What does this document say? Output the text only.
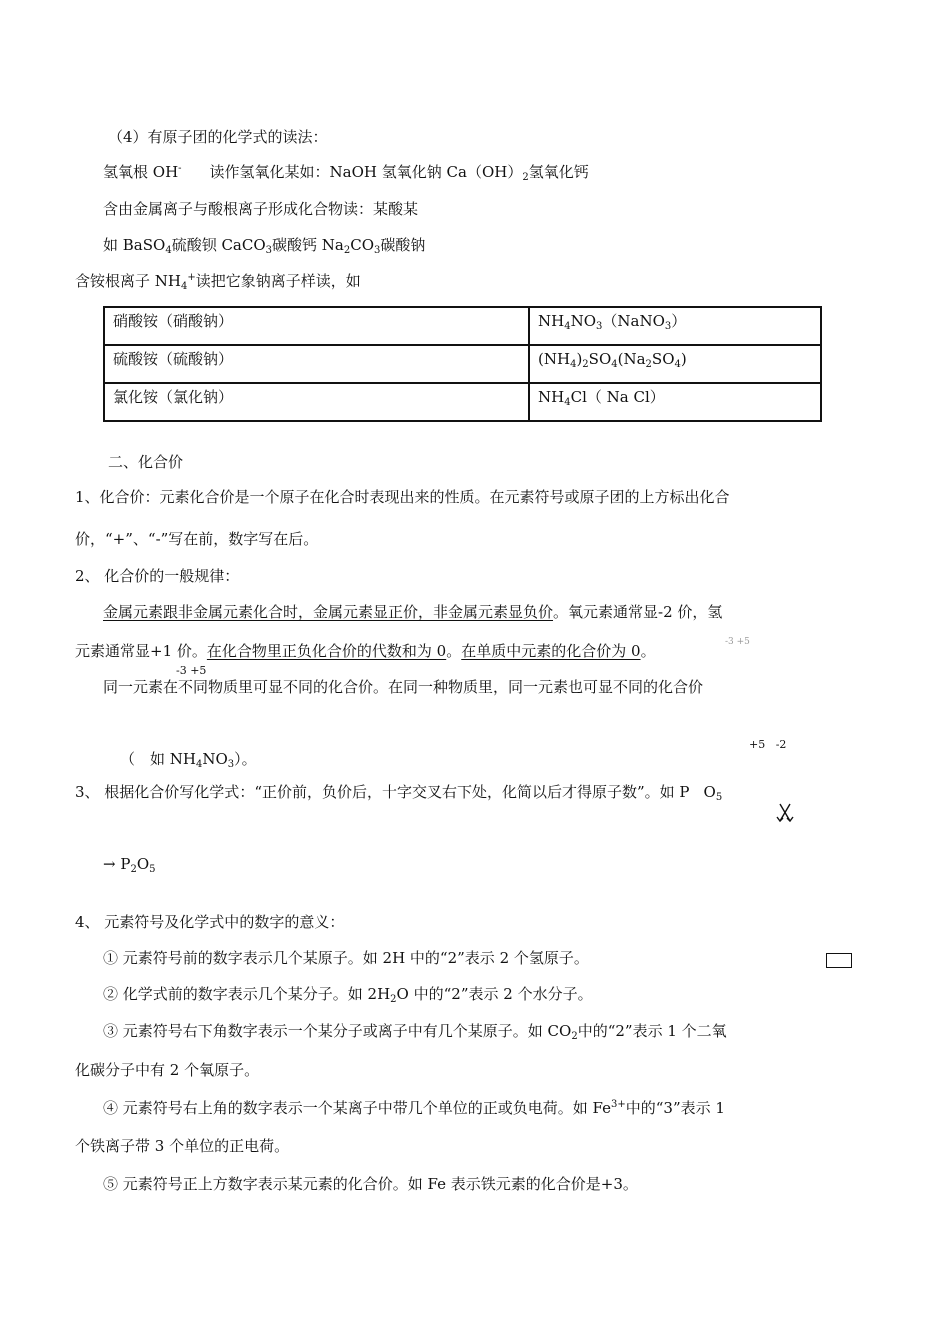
（4）有原子团的化学式的读法：
氢氧根 OH- 读作氢氧化某如：NaOH 氢氧化钠 $Ca(OH)_2$氢氧化钙
含由金属离子与酸根离子形成化合物读：某酸某
如 BaSO$_4$硫酸钡 CaCO$_3$碳酸钙 $Na_2CO_3$碳酸钠
含铵根离子 $NH_4^+$读把它象钠离子样读，如
硝酸铵（硝酸钠）	$NH_4NO_3(NaNO_3)$
硫酸铵（硫酸钠）	$(NH_4)_2SO_4(Na_2SO_4)$
氯化铵（氯化钠）	$NH_4Cl$（ Na Cl）
二、化合价
1、化合价：元素化合价是一个原子在化合时表现出来的性质。在元素符号或原子团的上方标出化合
价，“+”、“-”写在前，数字写在后。
2、 化合价的一般规律：
金属元素跟非金属元素化合时，金属元素显正价，非金属元素显负价。氧元素通常显-2 价，氢
元素通常显+1 价。在化合物里正负化合价的代数和为 0。在单质中元素的化合价为 0。	-3 +5
-3 +5
同一元素在不同物质里可显不同的化合价。在同一种物质里，同一元素也可显不同的化合价
（　如 $NH_4NO_3$）。
+5   -2
3、 根据化合价写化学式：“正价前，负价后，十字交叉右下处，化简以后才得原子数”。如 P $O_5$
→ $P_2O_5$
4、 元素符号及化学式中的数字的意义：
① 元素符号前的数字表示几个某原子。如 2H 中的“2”表示 2 个氢原子。
② 化学式前的数字表示几个某分子。如 $2H_2O$ 中的“2”表示 2 个水分子。
③ 元素符号右下角数字表示一个某分子或离子中有几个某原子。如 $CO_2$中的“2”表示 1 个二氧
化碳分子中有 2 个氧原子。
④ 元素符号右上角的数字表示一个某离子中带几个单位的正或负电荷。如 $Fe^{3+}$中的“3”表示 1
个铁离子带 3 个单位的正电荷。
⑤ 元素符号正上方数字表示某元素的化合价。如 Fe 表示铁元素的化合价是+3。
